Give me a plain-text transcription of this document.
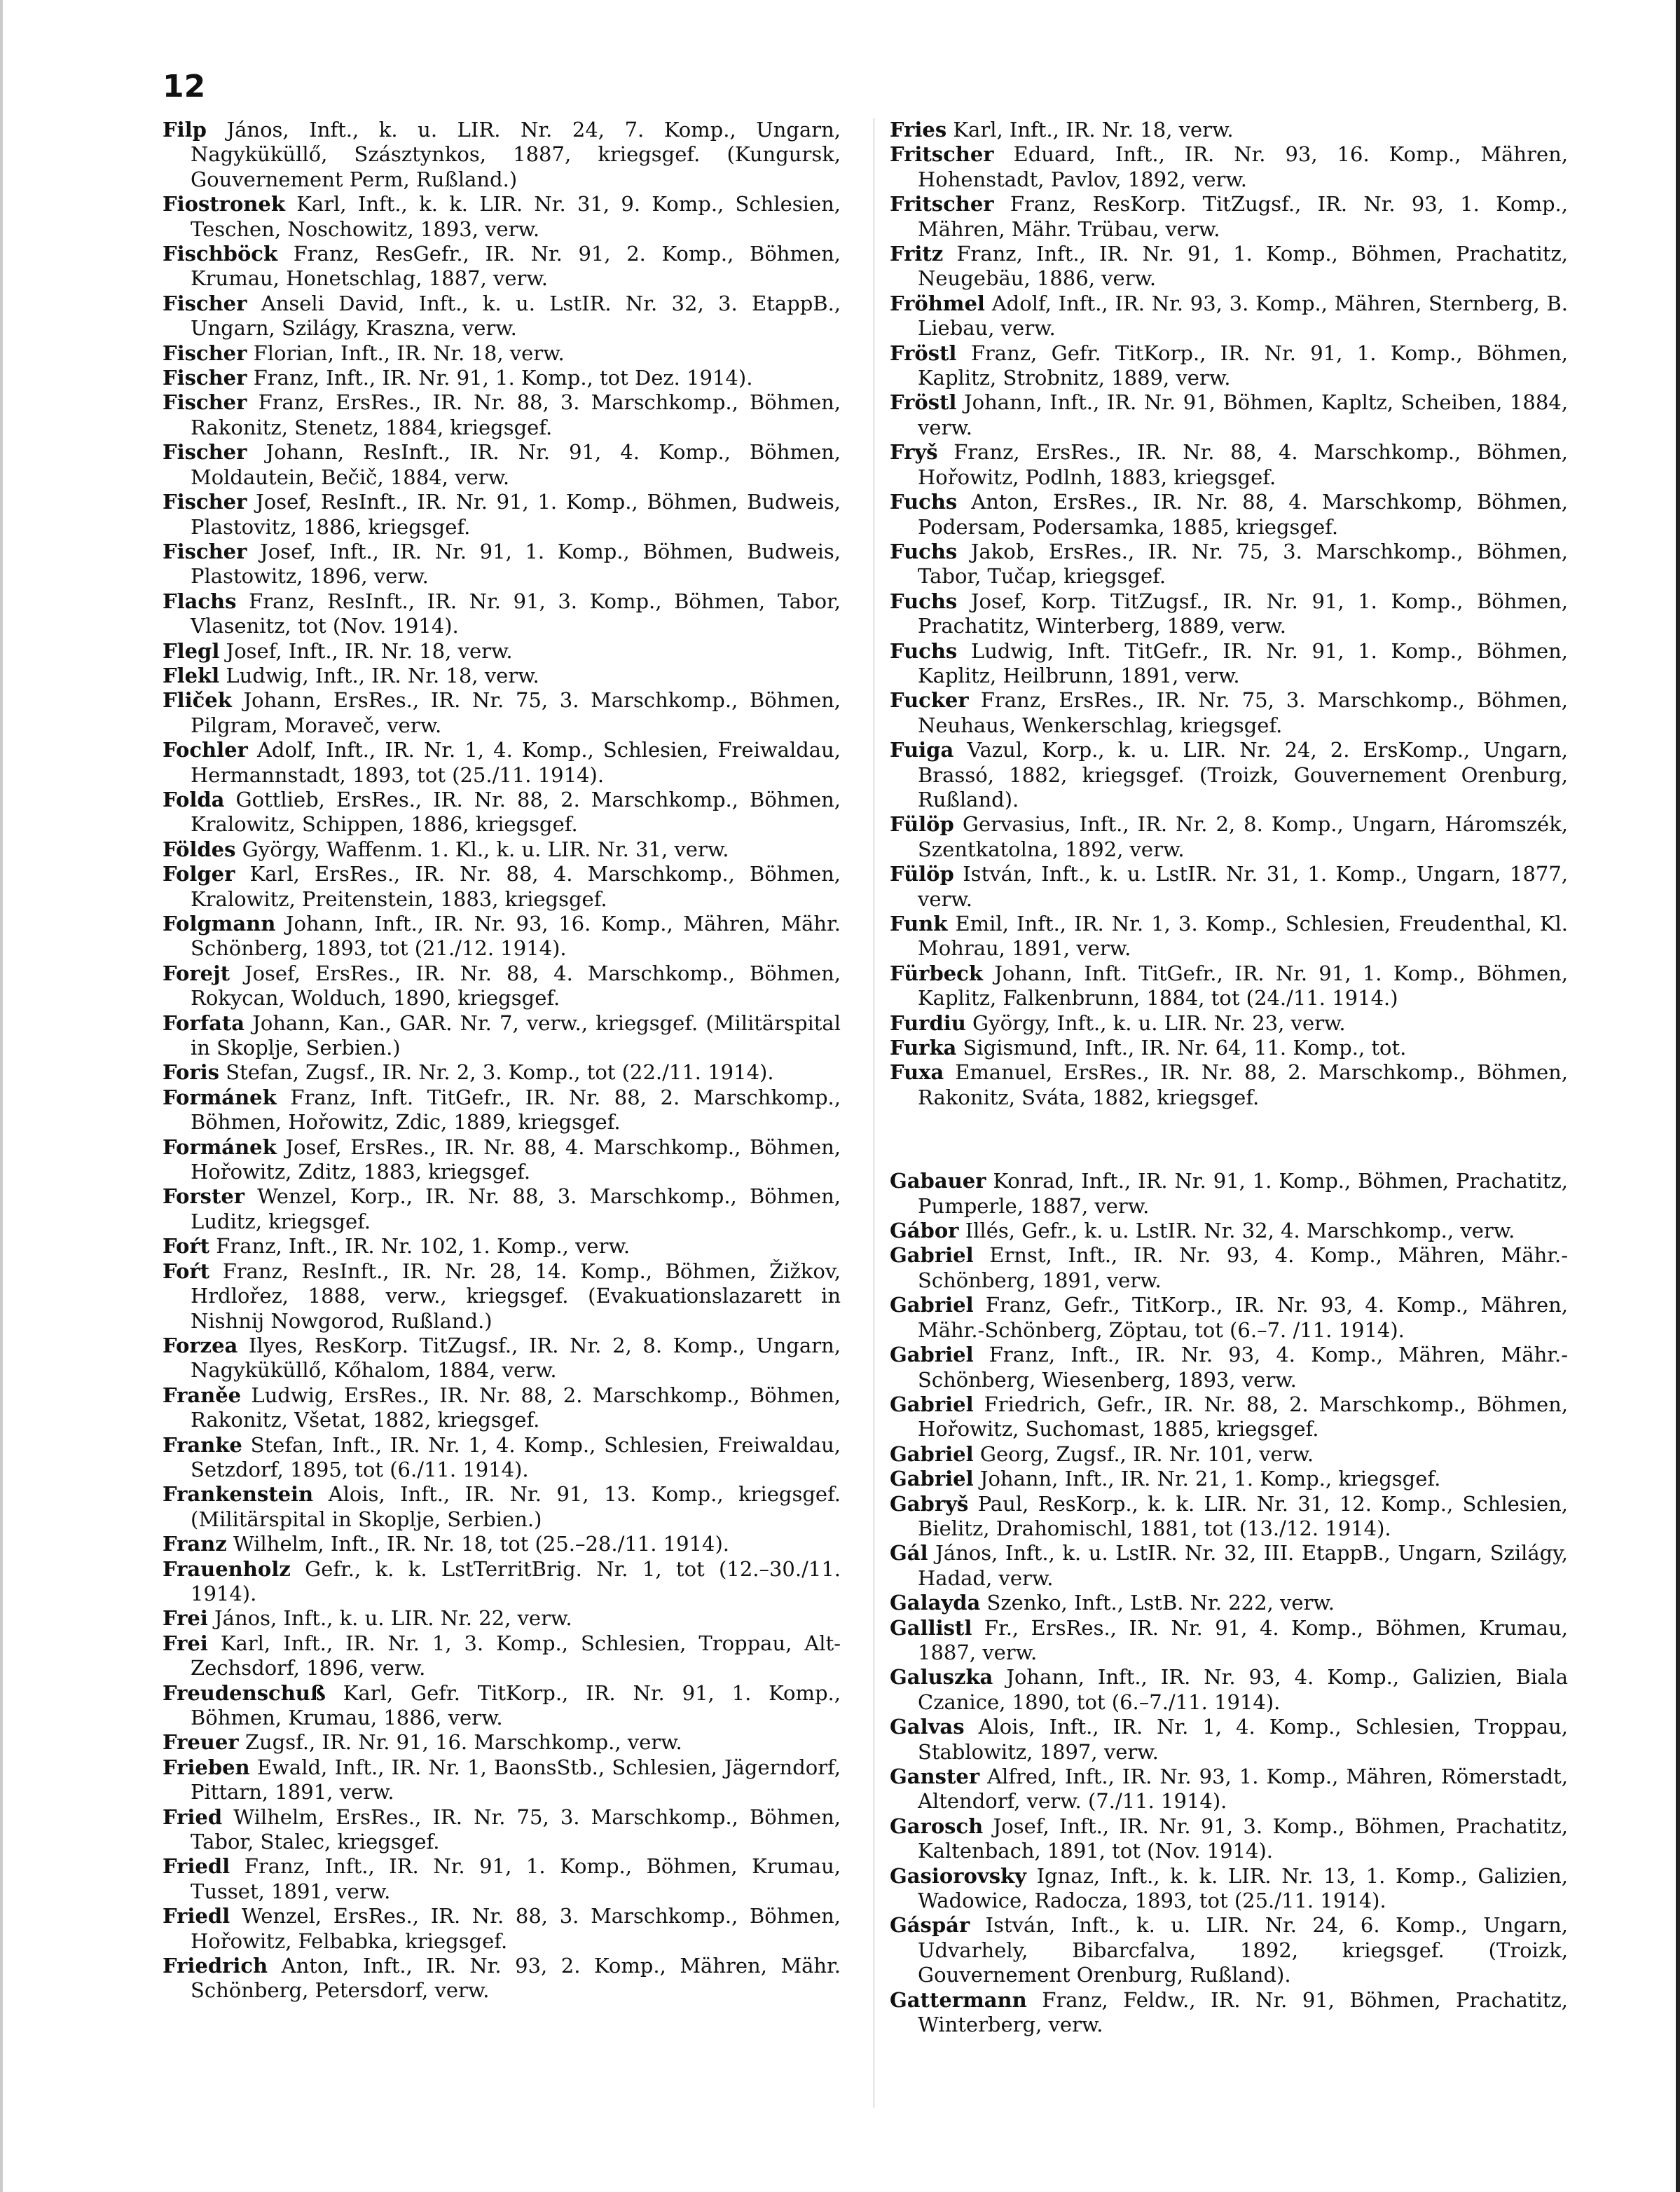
12

Filp János, Inft., k. u. LIR. Nr. 24, 7. Komp., Ungarn, Nagyküküllő, Szásztynkos, 1887, kriegsgef. (Kungursk, Gouvernement Perm, Rußland.)

Fiostronek Karl, Inft., k. k. LIR. Nr. 31, 9. Komp., Schlesien, Teschen, Noschowitz, 1893, verw.

Fischböck Franz, ResGefr., IR. Nr. 91, 2. Komp., Böhmen, Krumau, Honetschlag, 1887, verw.

Fischer Anseli David, Inft., k. u. LstIR. Nr. 32, 3. EtappB., Ungarn, Szilágy, Kraszna, verw.

Fischer Florian, Inft., IR. Nr. 18, verw.

Fischer Franz, Inft., IR. Nr. 91, 1. Komp., tot Dez. 1914).

Fischer Franz, ErsRes., IR. Nr. 88, 3. Marschkomp., Böhmen, Rakonitz, Stenetz, 1884, kriegsgef.

Fischer Johann, ResInft., IR. Nr. 91, 4. Komp., Böhmen, Moldautein, Bečič, 1884, verw.

Fischer Josef, ResInft., IR. Nr. 91, 1. Komp., Böhmen, Budweis, Plastovitz, 1886, kriegsgef.

Fischer Josef, Inft., IR. Nr. 91, 1. Komp., Böhmen, Budweis, Plastowitz, 1896, verw.

Flachs Franz, ResInft., IR. Nr. 91, 3. Komp., Böhmen, Tabor, Vlasenitz, tot (Nov. 1914).

Flegl Josef, Inft., IR. Nr. 18, verw.

Flekl Ludwig, Inft., IR. Nr. 18, verw.

Fliček Johann, ErsRes., IR. Nr. 75, 3. Marschkomp., Böhmen, Pilgram, Moraveč, verw.

Fochler Adolf, Inft., IR. Nr. 1, 4. Komp., Schlesien, Freiwaldau, Hermannstadt, 1893, tot (25./11. 1914).

Folda Gottlieb, ErsRes., IR. Nr. 88, 2. Marschkomp., Böhmen, Kralowitz, Schippen, 1886, kriegsgef.

Földes György, Waffenm. 1. Kl., k. u. LIR. Nr. 31, verw.

Folger Karl, ErsRes., IR. Nr. 88, 4. Marschkomp., Böhmen, Kralowitz, Preitenstein, 1883, kriegsgef.

Folgmann Johann, Inft., IR. Nr. 93, 16. Komp., Mähren, Mähr. Schönberg, 1893, tot (21./12. 1914).

Forejt Josef, ErsRes., IR. Nr. 88, 4. Marschkomp., Böhmen, Rokycan, Wolduch, 1890, kriegsgef.

Forfata Johann, Kan., GAR. Nr. 7, verw., kriegsgef. (Militärspital in Skoplje, Serbien.)

Foris Stefan, Zugsf., IR. Nr. 2, 3. Komp., tot (22./11. 1914).

Formánek Franz, Inft. TitGefr., IR. Nr. 88, 2. Marschkomp., Böhmen, Hořowitz, Zdic, 1889, kriegsgef.

Formánek Josef, ErsRes., IR. Nr. 88, 4. Marschkomp., Böhmen, Hořowitz, Zditz, 1883, kriegsgef.

Forster Wenzel, Korp., IR. Nr. 88, 3. Marschkomp., Böhmen, Luditz, kriegsgef.

Foŕt Franz, Inft., IR. Nr. 102, 1. Komp., verw.

Foŕt Franz, ResInft., IR. Nr. 28, 14. Komp., Böhmen, Žižkov, Hrdlořez, 1888, verw., kriegsgef. (Evakuationslazarett in Nishnij Nowgorod, Rußland.)

Forzea Ilyes, ResKorp. TitZugsf., IR. Nr. 2, 8. Komp., Ungarn, Nagyküküllő, Kőhalom, 1884, verw.

Franěe Ludwig, ErsRes., IR. Nr. 88, 2. Marschkomp., Böhmen, Rakonitz, Všetat, 1882, kriegsgef.

Franke Stefan, Inft., IR. Nr. 1, 4. Komp., Schlesien, Freiwaldau, Setzdorf, 1895, tot (6./11. 1914).

Frankenstein Alois, Inft., IR. Nr. 91, 13. Komp., kriegsgef. (Militärspital in Skoplje, Serbien.)

Franz Wilhelm, Inft., IR. Nr. 18, tot (25.–28./11. 1914).

Frauenholz Gefr., k. k. LstTerritBrig. Nr. 1, tot (12.–30./11. 1914).

Frei János, Inft., k. u. LIR. Nr. 22, verw.

Frei Karl, Inft., IR. Nr. 1, 3. Komp., Schlesien, Troppau, Alt-Zechsdorf, 1896, verw.

Freudenschuß Karl, Gefr. TitKorp., IR. Nr. 91, 1. Komp., Böhmen, Krumau, 1886, verw.

Freuer Zugsf., IR. Nr. 91, 16. Marschkomp., verw.

Frieben Ewald, Inft., IR. Nr. 1, BaonsStb., Schlesien, Jägerndorf, Pittarn, 1891, verw.

Fried Wilhelm, ErsRes., IR. Nr. 75, 3. Marschkomp., Böhmen, Tabor, Stalec, kriegsgef.

Friedl Franz, Inft., IR. Nr. 91, 1. Komp., Böhmen, Krumau, Tusset, 1891, verw.

Friedl Wenzel, ErsRes., IR. Nr. 88, 3. Marschkomp., Böhmen, Hořowitz, Felbabka, kriegsgef.

Friedrich Anton, Inft., IR. Nr. 93, 2. Komp., Mähren, Mähr. Schönberg, Petersdorf, verw.

Fries Karl, Inft., IR. Nr. 18, verw.

Fritscher Eduard, Inft., IR. Nr. 93, 16. Komp., Mähren, Hohenstadt, Pavlov, 1892, verw.

Fritscher Franz, ResKorp. TitZugsf., IR. Nr. 93, 1. Komp., Mähren, Mähr. Trübau, verw.

Fritz Franz, Inft., IR. Nr. 91, 1. Komp., Böhmen, Prachatitz, Neugebäu, 1886, verw.

Fröhmel Adolf, Inft., IR. Nr. 93, 3. Komp., Mähren, Sternberg, B. Liebau, verw.

Fröstl Franz, Gefr. TitKorp., IR. Nr. 91, 1. Komp., Böhmen, Kaplitz, Strobnitz, 1889, verw.

Fröstl Johann, Inft., IR. Nr. 91, Böhmen, Kapltz, Scheiben, 1884, verw.

Fryš Franz, ErsRes., IR. Nr. 88, 4. Marschkomp., Böhmen, Hořowitz, Podlnh, 1883, kriegsgef.

Fuchs Anton, ErsRes., IR. Nr. 88, 4. Marschkomp, Böhmen, Podersam, Podersamka, 1885, kriegsgef.

Fuchs Jakob, ErsRes., IR. Nr. 75, 3. Marschkomp., Böhmen, Tabor, Tučap, kriegsgef.

Fuchs Josef, Korp. TitZugsf., IR. Nr. 91, 1. Komp., Böhmen, Prachatitz, Winterberg, 1889, verw.

Fuchs Ludwig, Inft. TitGefr., IR. Nr. 91, 1. Komp., Böhmen, Kaplitz, Heilbrunn, 1891, verw.

Fucker Franz, ErsRes., IR. Nr. 75, 3. Marschkomp., Böhmen, Neuhaus, Wenkerschlag, kriegsgef.

Fuiga Vazul, Korp., k. u. LIR. Nr. 24, 2. ErsKomp., Ungarn, Brassó, 1882, kriegsgef. (Troizk, Gouvernement Orenburg, Rußland).

Fülöp Gervasius, Inft., IR. Nr. 2, 8. Komp., Ungarn, Háromszék, Szentkatolna, 1892, verw.

Fülöp István, Inft., k. u. LstIR. Nr. 31, 1. Komp., Ungarn, 1877, verw.

Funk Emil, Inft., IR. Nr. 1, 3. Komp., Schlesien, Freudenthal, Kl. Mohrau, 1891, verw.

Fürbeck Johann, Inft. TitGefr., IR. Nr. 91, 1. Komp., Böhmen, Kaplitz, Falkenbrunn, 1884, tot (24./11. 1914.)

Furdiu György, Inft., k. u. LIR. Nr. 23, verw.

Furka Sigismund, Inft., IR. Nr. 64, 11. Komp., tot.

Fuxa Emanuel, ErsRes., IR. Nr. 88, 2. Marschkomp., Böhmen, Rakonitz, Sváta, 1882, kriegsgef.

Gabauer Konrad, Inft., IR. Nr. 91, 1. Komp., Böhmen, Prachatitz, Pumperle, 1887, verw.

Gábor Illés, Gefr., k. u. LstIR. Nr. 32, 4. Marschkomp., verw.

Gabriel Ernst, Inft., IR. Nr. 93, 4. Komp., Mähren, Mähr.-Schönberg, 1891, verw.

Gabriel Franz, Gefr., TitKorp., IR. Nr. 93, 4. Komp., Mähren, Mähr.-Schönberg, Zöptau, tot (6.–7. /11. 1914).

Gabriel Franz, Inft., IR. Nr. 93, 4. Komp., Mähren, Mähr.-Schönberg, Wiesenberg, 1893, verw.

Gabriel Friedrich, Gefr., IR. Nr. 88, 2. Marschkomp., Böhmen, Hořowitz, Suchomast, 1885, kriegsgef.

Gabriel Georg, Zugsf., IR. Nr. 101, verw.

Gabriel Johann, Inft., IR. Nr. 21, 1. Komp., kriegsgef.

Gabryš Paul, ResKorp., k. k. LIR. Nr. 31, 12. Komp., Schlesien, Bielitz, Drahomischl, 1881, tot (13./12. 1914).

Gál János, Inft., k. u. LstIR. Nr. 32, III. EtappB., Ungarn, Szilágy, Hadad, verw.

Galayda Szenko, Inft., LstB. Nr. 222, verw.

Gallistl Fr., ErsRes., IR. Nr. 91, 4. Komp., Böhmen, Krumau, 1887, verw.

Galuszka Johann, Inft., IR. Nr. 93, 4. Komp., Galizien, Biala Czanice, 1890, tot (6.–7./11. 1914).

Galvas Alois, Inft., IR. Nr. 1, 4. Komp., Schlesien, Troppau, Stablowitz, 1897, verw.

Ganster Alfred, Inft., IR. Nr. 93, 1. Komp., Mähren, Römerstadt, Altendorf, verw. (7./11. 1914).

Garosch Josef, Inft., IR. Nr. 91, 3. Komp., Böhmen, Prachatitz, Kaltenbach, 1891, tot (Nov. 1914).

Gasiorovsky Ignaz, Inft., k. k. LIR. Nr. 13, 1. Komp., Galizien, Wadowice, Radocza, 1893, tot (25./11. 1914).

Gáspár István, Inft., k. u. LIR. Nr. 24, 6. Komp., Ungarn, Udvarhely, Bibarcfalva, 1892, kriegsgef. (Troizk, Gouvernement Orenburg, Rußland).

Gattermann Franz, Feldw., IR. Nr. 91, Böhmen, Prachatitz, Winterberg, verw.
